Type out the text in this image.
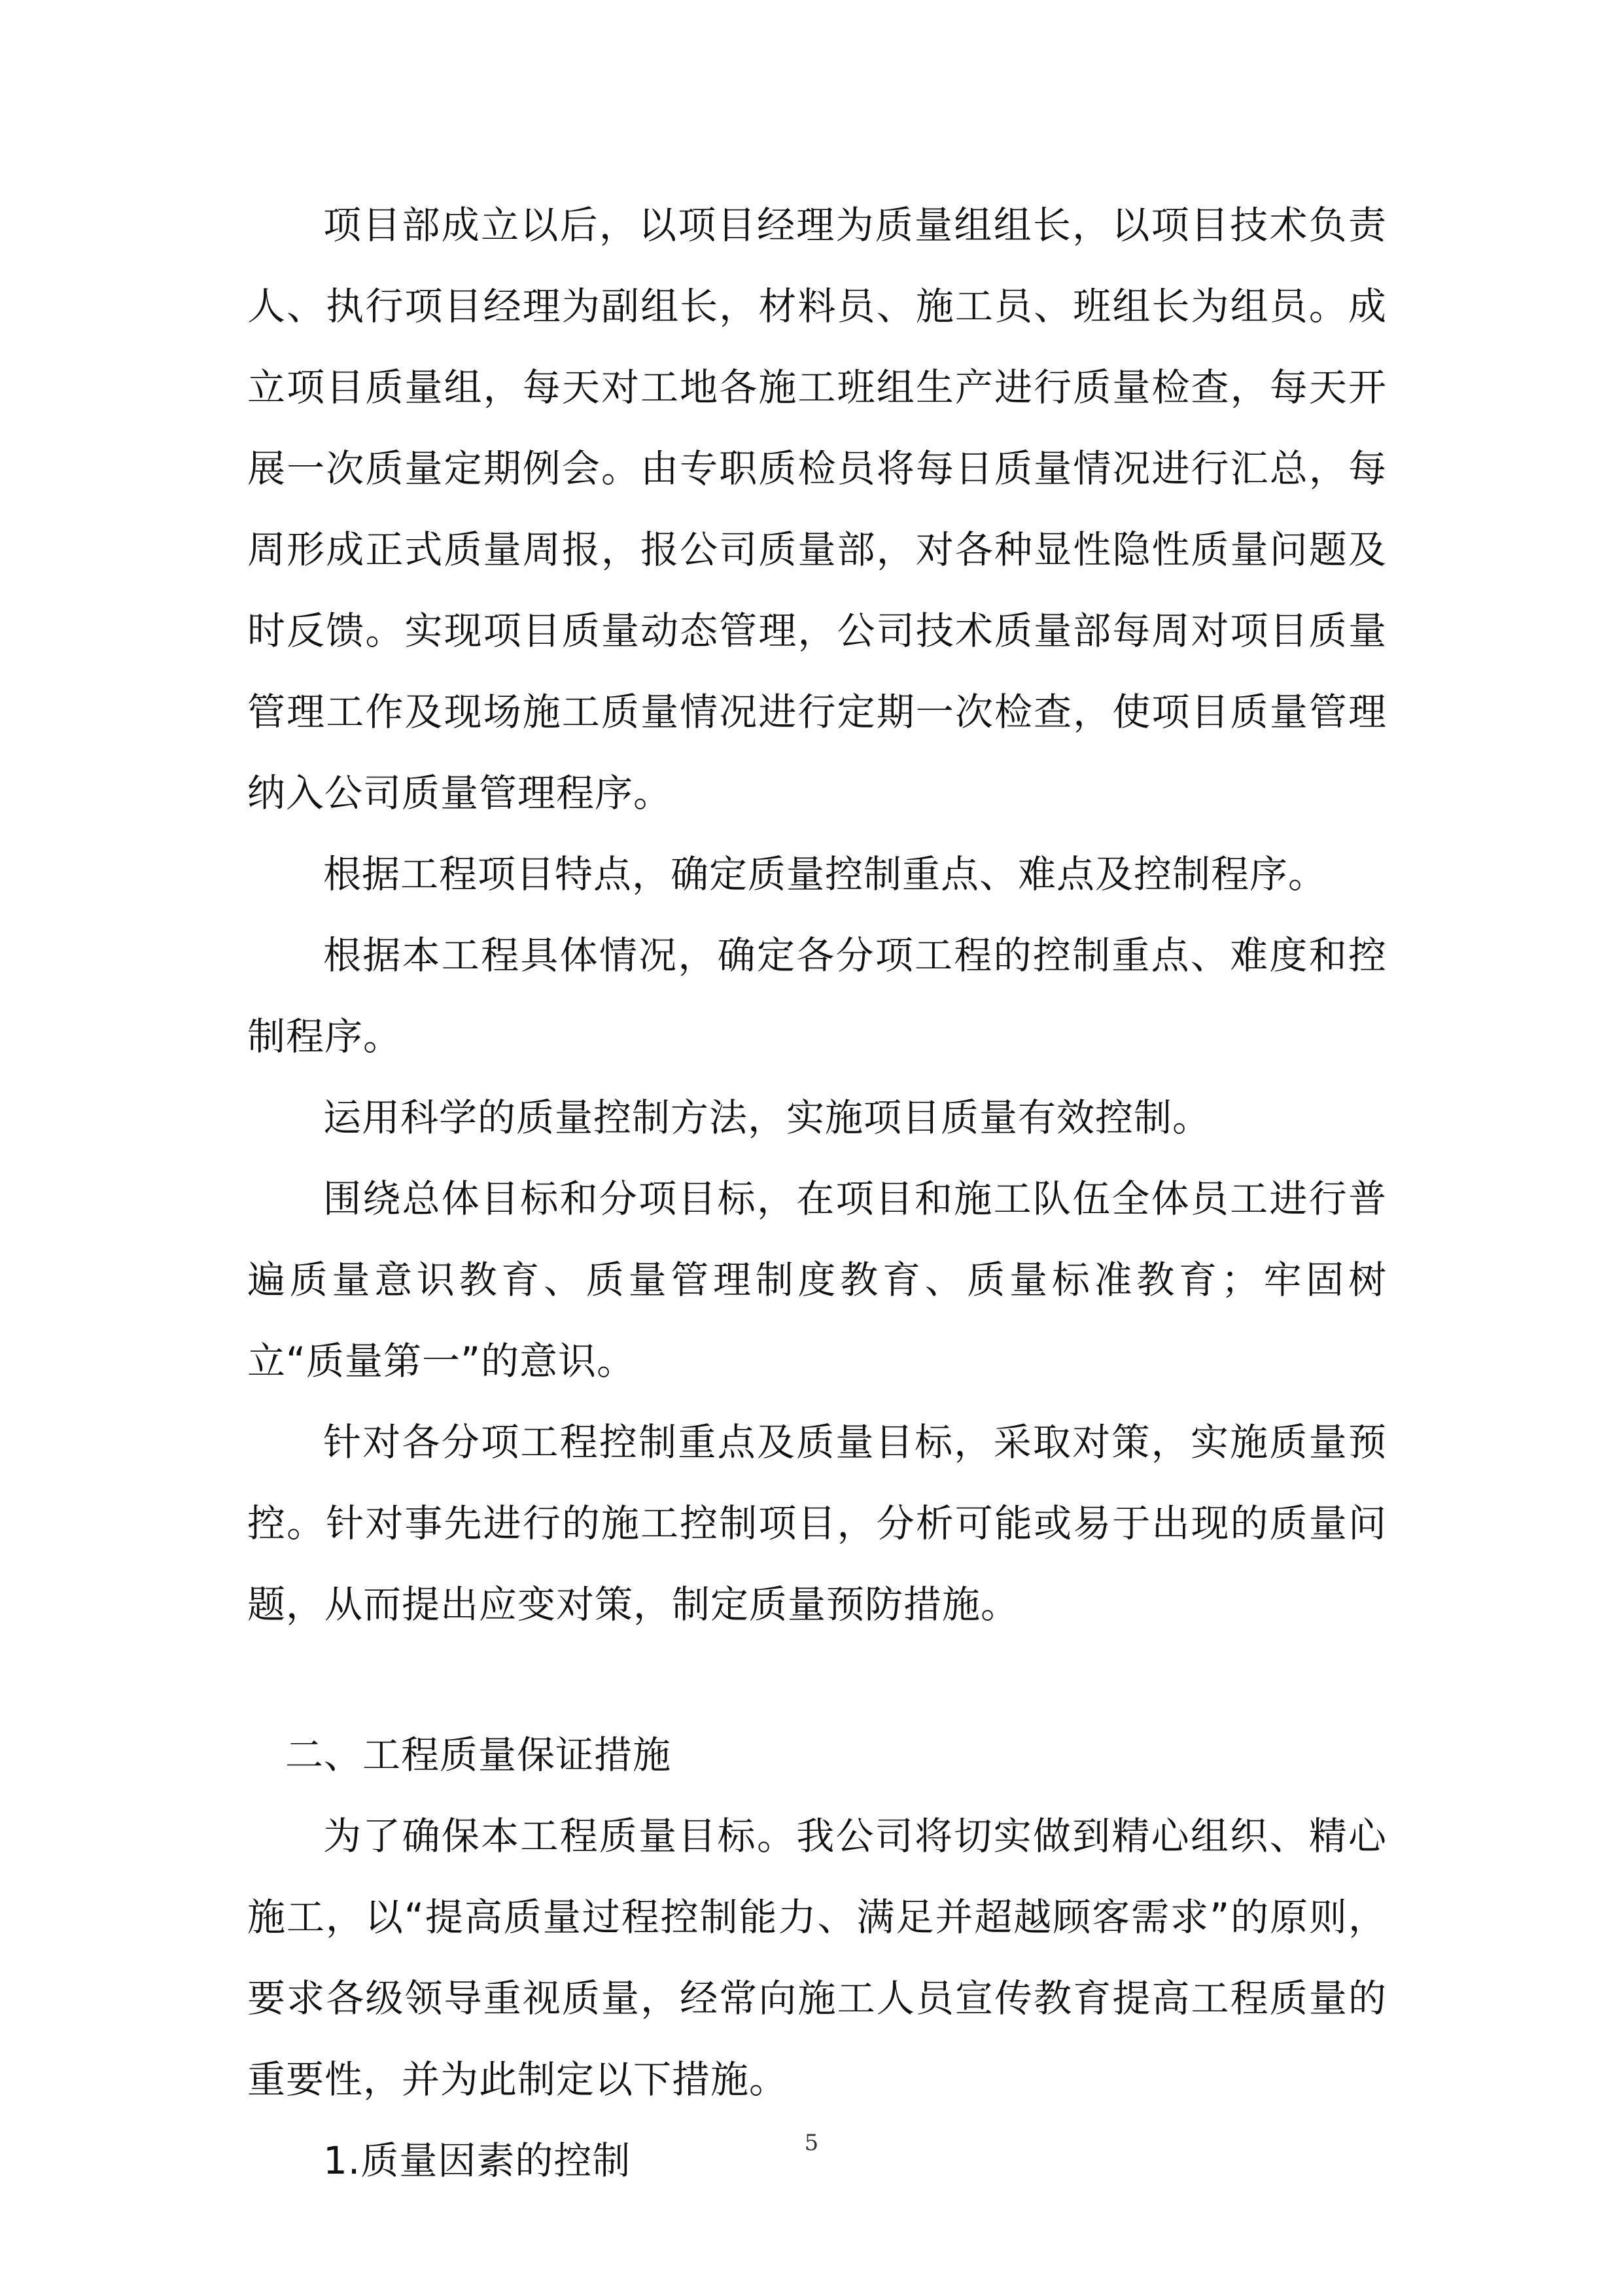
项目部成立以后，以项目经理为质量组组长，以项目技术负责人、执行项目经理为副组长，材料员、施工员、班组长为组员。成立项目质量组，每天对工地各施工班组生产进行质量检查，每天开展一次质量定期例会。由专职质检员将每日质量情况进行汇总，每周形成正式质量周报，报公司质量部，对各种显性隐性质量问题及时反馈。实现项目质量动态管理，公司技术质量部每周对项目质量管理工作及现场施工质量情况进行定期一次检查，使项目质量管理纳入公司质量管理程序。

根据工程项目特点，确定质量控制重点、难点及控制程序。

根据本工程具体情况，确定各分项工程的控制重点、难度和控制程序。

运用科学的质量控制方法，实施项目质量有效控制。

围绕总体目标和分项目标，在项目和施工队伍全体员工进行普遍质量意识教育、质量管理制度教育、质量标准教育；牢固树立“质量第一”的意识。

针对各分项工程控制重点及质量目标，采取对策，实施质量预控。针对事先进行的施工控制项目，分析可能或易于出现的质量问题，从而提出应变对策，制定质量预防措施。

二、工程质量保证措施

为了确保本工程质量目标。我公司将切实做到精心组织、精心施工，以“提高质量过程控制能力、满足并超越顾客需求”的原则，要求各级领导重视质量，经常向施工人员宣传教育提高工程质量的重要性，并为此制定以下措施。

1.质量因素的控制	5
